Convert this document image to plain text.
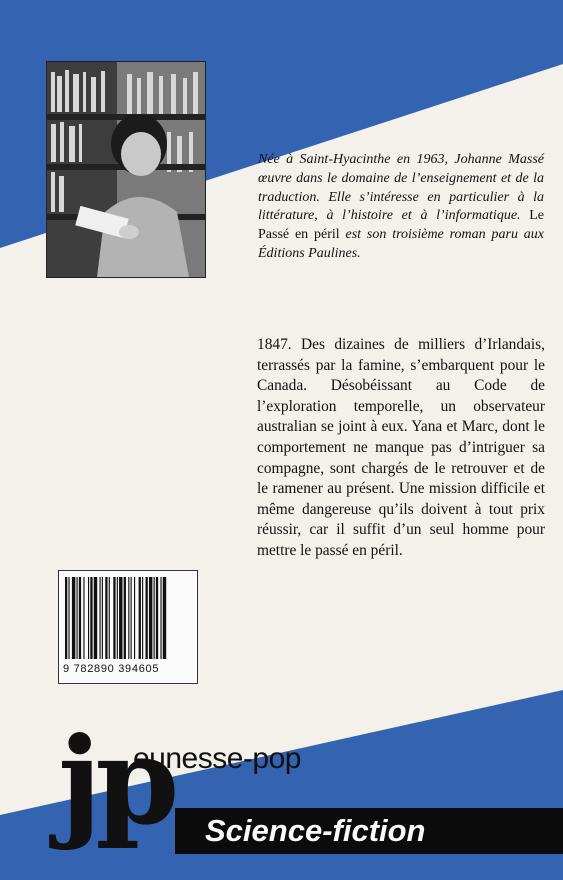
Née à Saint-Hyacinthe en 1963, Johanne Massé œuvre dans le domaine de l’enseignement et de la traduction. Elle s’intéresse en particulier à la littérature, à l’histoire et à l’informatique. Le Passé en péril est son troisième roman paru aux Éditions Paulines.

1847. Des dizaines de milliers d’Irlandais, terrassés par la famine, s’embarquent pour le Canada. Désobéissant au Code de l’exploration temporelle, un observateur australian se joint à eux. Yana et Marc, dont le comportement ne manque pas d’intriguer sa compagne, sont chargés de le retrouver et de le ramener au présent. Une mission difficile et même dangereuse qu’ils doivent à tout prix réussir, car il suffit d’un seul homme pour mettre le passé en péril.

9 782890 394605
jp
eunesse-pop
Science-fiction
